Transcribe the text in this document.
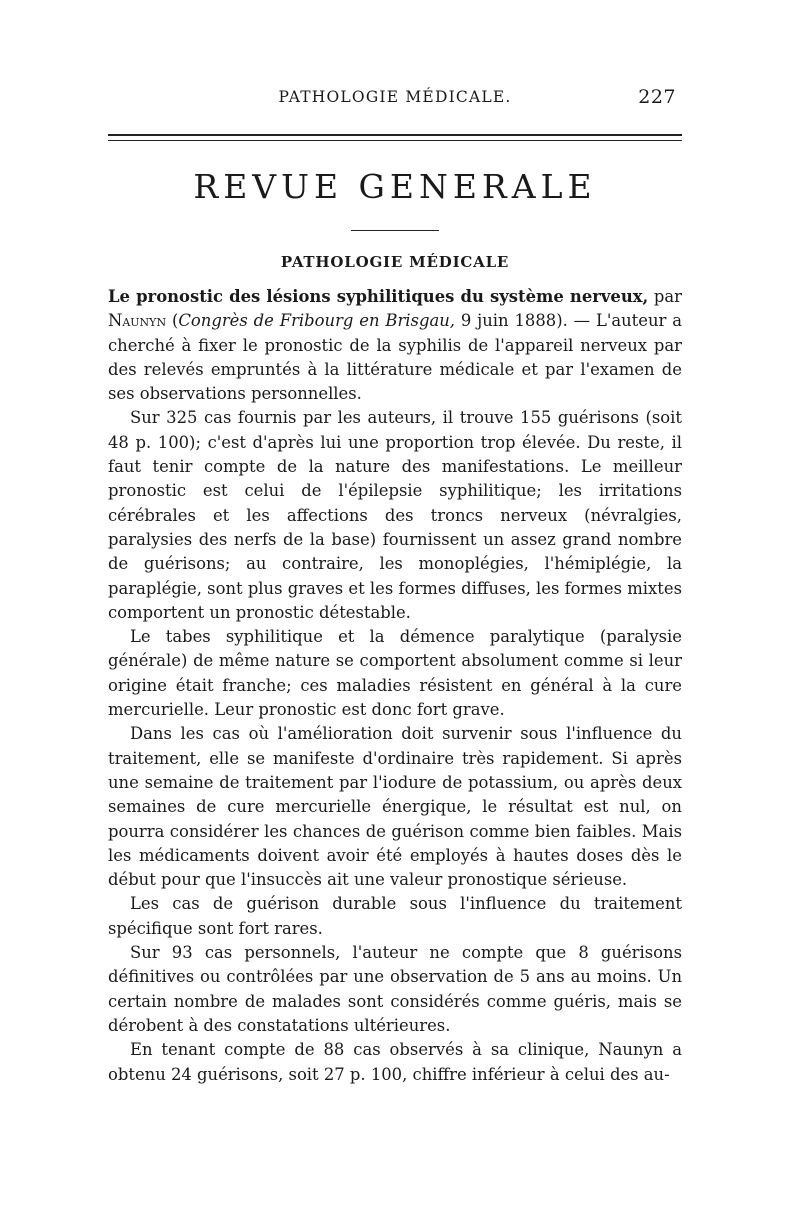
PATHOLOGIE MÉDICALE.	227
REVUE GENERALE
PATHOLOGIE MÉDICALE

Le pronostic des lésions syphilitiques du système nerveux, par Naunyn (Congrès de Fribourg en Brisgau, 9 juin 1888). — L'auteur a cherché à fixer le pronostic de la syphilis de l'appareil nerveux par des relevés empruntés à la littérature médicale et par l'examen de ses observations personnelles.

Sur 325 cas fournis par les auteurs, il trouve 155 guérisons (soit 48 p. 100); c'est d'après lui une proportion trop élevée. Du reste, il faut tenir compte de la nature des manifestations. Le meilleur pronostic est celui de l'épilepsie syphilitique; les irritations cérébrales et les affections des troncs nerveux (névralgies, paralysies des nerfs de la base) fournissent un assez grand nombre de guérisons; au contraire, les monoplégies, l'hémiplégie, la paraplégie, sont plus graves et les formes diffuses, les formes mixtes comportent un pronostic détestable.

Le tabes syphilitique et la démence paralytique (paralysie générale) de même nature se comportent absolument comme si leur origine était franche; ces maladies résistent en général à la cure mercurielle. Leur pronostic est donc fort grave.

Dans les cas où l'amélioration doit survenir sous l'influence du traitement, elle se manifeste d'ordinaire très rapidement. Si après une semaine de traitement par l'iodure de potassium, ou après deux semaines de cure mercurielle énergique, le résultat est nul, on pourra considérer les chances de guérison comme bien faibles. Mais les médicaments doivent avoir été employés à hautes doses dès le début pour que l'insuccès ait une valeur pronostique sérieuse.

Les cas de guérison durable sous l'influence du traitement spécifique sont fort rares.

Sur 93 cas personnels, l'auteur ne compte que 8 guérisons définitives ou contrôlées par une observation de 5 ans au moins. Un certain nombre de malades sont considérés comme guéris, mais se dérobent à des constatations ultérieures.

En tenant compte de 88 cas observés à sa clinique, Naunyn a obtenu 24 guérisons, soit 27 p. 100, chiffre inférieur à celui des au-
